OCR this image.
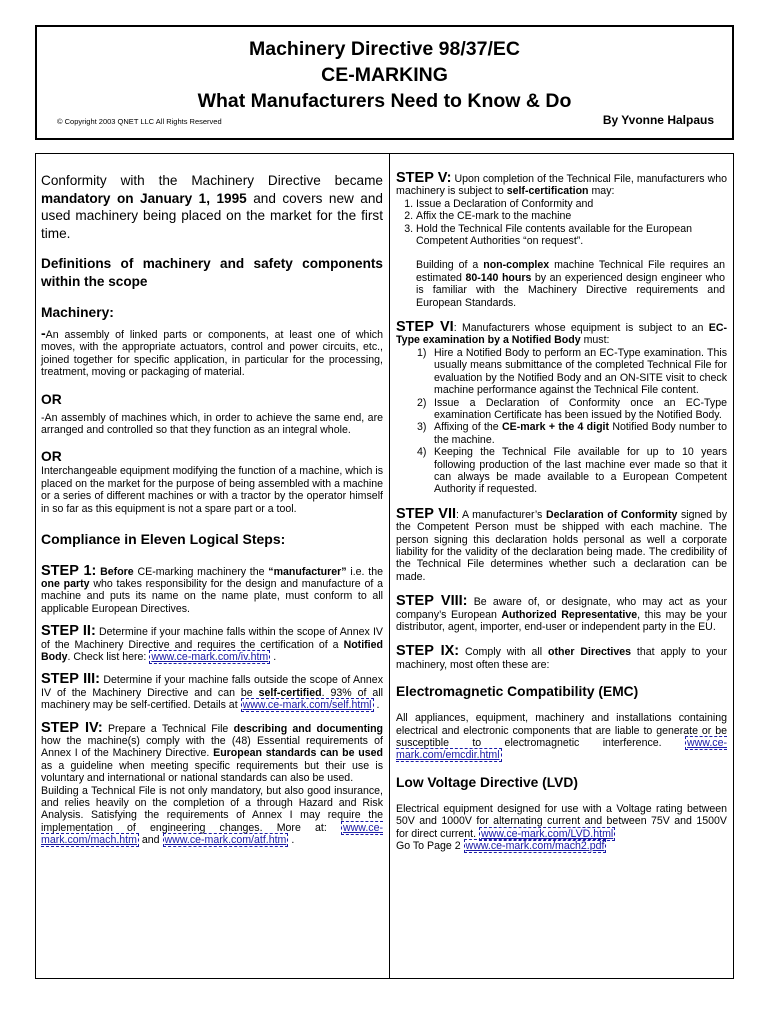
Machinery Directive 98/37/EC
CE-MARKING
What Manufacturers Need to Know & Do
© Copyright 2003 QNET LLC All Rights Reserved	By Yvonne Halpaus

Conformity with the Machinery Directive became mandatory on January 1, 1995 and covers new and used machinery being placed on the market for the first time.

Definitions of machinery and safety components within the scope

Machinery:

-An assembly of linked parts or components, at least one of which moves, with the appropriate actuators, control and power circuits, etc., joined together for specific application, in particular for the processing, treatment, moving or packaging of material.

OR

-An assembly of machines which, in order to achieve the same end, are arranged and controlled so that they function as an integral whole.

OR

Interchangeable equipment modifying the function of a machine, which is placed on the market for the purpose of being assembled with a machine or a series of different machines or with a tractor by the operator himself in so far as this equipment is not a spare part or a tool.

Compliance in Eleven Logical Steps:

STEP 1: Before CE-marking machinery the “manufacturer” i.e. the one party who takes responsibility for the design and manufacture of a machine and puts its name on the name plate, must conform to all applicable European Directives.

STEP II: Determine if your machine falls within the scope of Annex IV of the Machinery Directive and requires the certification of a Notified Body. Check list here: www.ce-mark.com/iv.htm .

STEP III: Determine if your machine falls outside the scope of Annex IV of the Machinery Directive and can be self-certified. 93% of all machinery may be self-certified. Details at www.ce-mark.com/self.html .

STEP IV: Prepare a Technical File describing and documenting how the machine(s) comply with the (48) Essential requirements of Annex I of the Machinery Directive. European standards can be used as a guideline when meeting specific requirements but their use is voluntary and international or national standards can also be used.

Building a Technical File is not only mandatory, but also good insurance, and relies heavily on the completion of a through Hazard and Risk Analysis. Satisfying the requirements of Annex I may require the implementation of engineering changes. More at: www.ce-mark.com/mach.htm and www.ce-mark.com/atf.htm .

STEP V: Upon completion of the Technical File, manufacturers who machinery is subject to self-certification may:

1. Issue a Declaration of Conformity and
2. Affix the CE-mark to the machine
3. Hold the Technical File contents available for the European Competent Authorities “on request”.

Building of a non-complex machine Technical File requires an estimated 80-140 hours by an experienced design engineer who is familiar with the Machinery Directive requirements and European Standards.

STEP VI: Manufacturers whose equipment is subject to an EC-Type examination by a Notified Body must:

1) Hire a Notified Body to perform an EC-Type examination. This usually means submittance of the completed Technical File for evaluation by the Notified Body and an ON-SITE visit to check machine performance against the Technical File content.
2) Issue a Declaration of Conformity once an EC-Type examination Certificate has been issued by the Notified Body.
3) Affixing of the CE-mark + the 4 digit Notified Body number to the machine.
4) Keeping the Technical File available for up to 10 years following production of the last machine ever made so that it can always be made available to a European Competent Authority if requested.

STEP VII: A manufacturer’s Declaration of Conformity signed by the Competent Person must be shipped with each machine. The person signing this declaration holds personal as well a corporate liability for the validity of the declaration being made. The credibility of the Technical File determines whether such a declaration can be made.

STEP VIII: Be aware of, or designate, who may act as your company’s European Authorized Representative, this may be your distributor, agent, importer, end-user or independent party in the EU.

STEP IX: Comply with all other Directives that apply to your machinery, most often these are:

Electromagnetic Compatibility (EMC)

All appliances, equipment, machinery and installations containing electrical and electronic components that are liable to generate or be susceptible to electromagnetic interference. www.ce-mark.com/emcdir.html

Low Voltage Directive (LVD)

Electrical equipment designed for use with a Voltage rating between 50V and 1000V for alternating current and between 75V and 1500V for direct current. www.ce-mark.com/LVD.html

Go To Page 2 www.ce-mark.com/mach2.pdf
